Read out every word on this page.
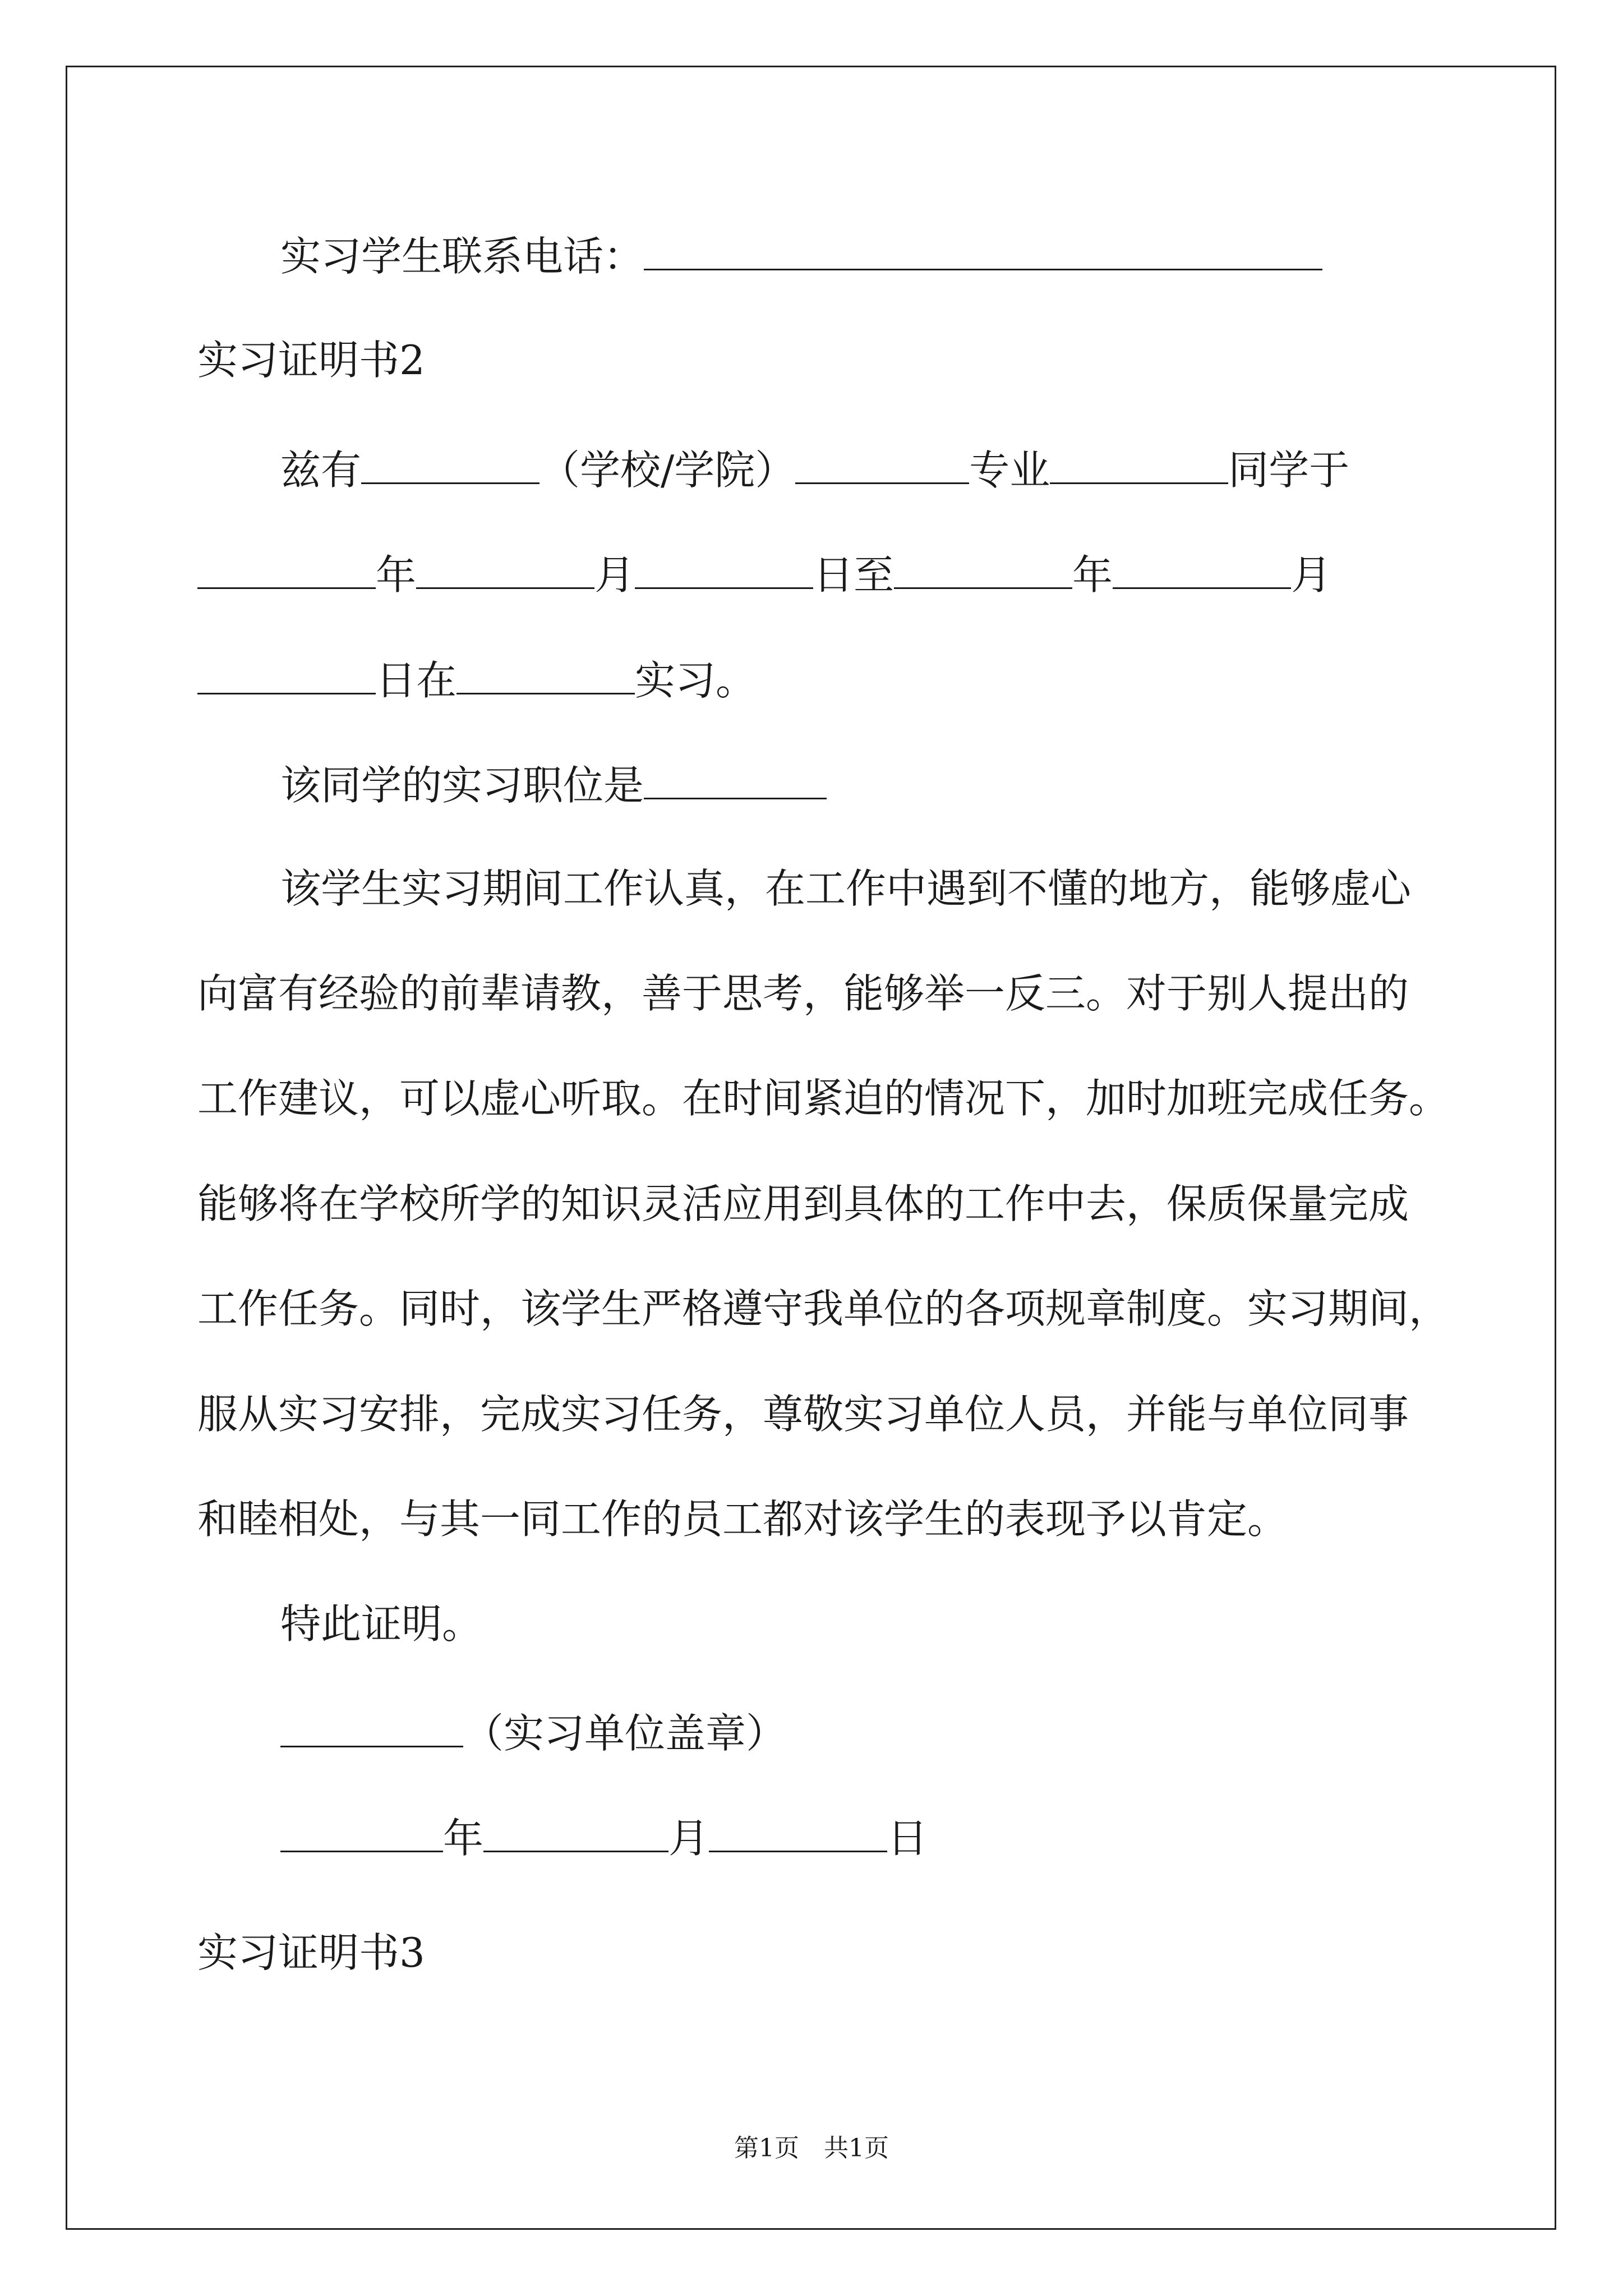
实习学生联系电话：
实习证明书2
兹有	（学校/学院）	专业	同学于
年	月	日至	年	月
日在	实习。
该同学的实习职位是
该学生实习期间工作认真，在工作中遇到不懂的地方，能够虚心
向富有经验的前辈请教，善于思考，能够举一反三。对于别人提出的
工作建议，可以虚心听取。在时间紧迫的情况下，加时加班完成任务。
能够将在学校所学的知识灵活应用到具体的工作中去，保质保量完成
工作任务。同时，该学生严格遵守我单位的各项规章制度。实习期间，
服从实习安排，完成实习任务，尊敬实习单位人员，并能与单位同事
和睦相处，与其一同工作的员工都对该学生的表现予以肯定。
特此证明。
（实习单位盖章）
年	月	日
实习证明书3
第1页　共1页
